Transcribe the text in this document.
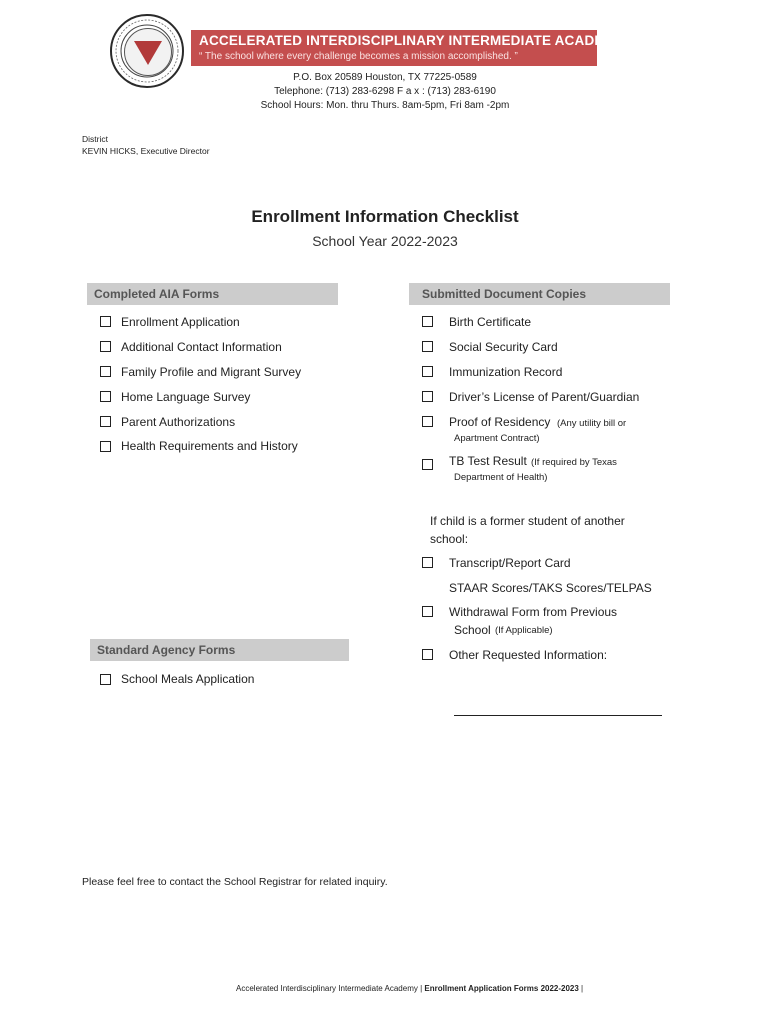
ACCELERATED INTERDISCIPLINARY INTERMEDIATE ACADEMY
“ The school where every challenge becomes a mission accomplished. ”
P.O. Box 20589 Houston, TX 77225-0589
Telephone: (713) 283-6298 F a x : (713) 283-6190
School Hours: Mon. thru Thurs. 8am-5pm, Fri 8am -2pm
District
KEVIN HICKS, Executive Director
Enrollment Information Checklist
School Year 2022-2023
Completed AIA Forms	Submitted Document Copies
Enrollment Application
Additional Contact Information
Family Profile and Migrant Survey
Home Language Survey
Parent Authorizations
Health Requirements and History
Birth Certificate
Social Security Card
Immunization Record
Driver’s License of Parent/Guardian
Proof of Residency (Any utility bill or
Apartment Contract)
TB Test Result (If required by Texas
Department of Health)
If child is a former student of another
school:
Transcript/Report Card
STAAR Scores/TAKS Scores/TELPAS
Withdrawal Form from Previous
School (If Applicable)
Other Requested Information:
Standard Agency Forms
School Meals Application
Please feel free to contact the School Registrar for related inquiry.
Accelerated Interdisciplinary Intermediate Academy | Enrollment Application Forms 2022-2023 |
